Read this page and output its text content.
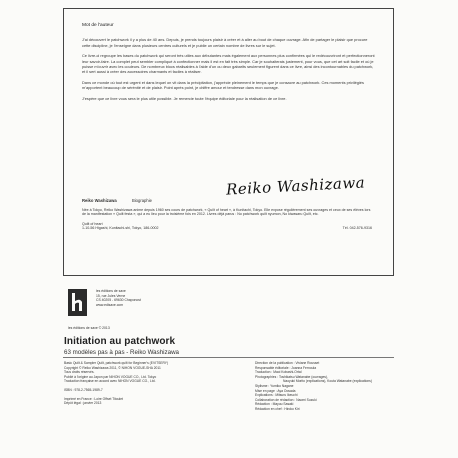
Mot de l'auteur

J'ai découvert le patchwork il y a plus de 40 ans. Depuis, je prends toujours plaisir à créer et à aller au bout de chaque ouvrage. Afin de partager le plaisir que procure cette discipline, je l'enseigne dans plusieurs centres culturels et je publie un certain nombre de livres sur le sujet.

Ce livre-ci regroupe les bases du patchwork qui seront très utiles aux débutantes mais également aux personnes plus confirmées qui le redécouvriront et perfectionneront leur savoir-faire. La complet peut sembler compliqué à confectionner mais il est en fait très simple. Car je souhaiterais justement, pour vous, que cet art soit facile et où je puisse m'ouvrir avec les couleurs. De nombreux blocs réalisables à l'aide d'un ou deux gabarits seulement figurent dans ce livre, ainsi des incontournables du patchwork, et il sert aussi à créer des accessoires charmants et faciles à réaliser.

Dans ce monde où tout est urgent et dans lequel on vit dans la précipitation, j'apprécie pleinement le temps que je consacre au patchwork. Ces moments privilégiés m'apportent beaucoup de sérénité et de plaisir. Point après point, je chiffre amour et tendresse dans mon ouvrage.

J'espère que ce livre vous sera le plus utile possible. Je remercie toute l'équipe éditoriale pour la réalisation de ce livre.

Reiko Washizawa
Reiko Washizawa	Biographie

Née à Tokyo, Reiko Washizawa anime depuis 1960 ses cours de patchwork, « Quilt of heart », à Kunitachi, Tokyo. Elle expose régulièrement ses ouvrages et ceux de ses élèves lors de la manifestation « Quilt festa », qui a eu lieu pour la troisième fois en 2012. Livres déjà parus : No patchwork quilt nyumon, No kiwasaru Quilt, etc.

Quilt of heart

1-10-56 Higashi, Kunitachi-shi, Tokyo, 186-0002	Tél. 042-576-9316
les éditions de saxe
15, rue Jules Verne
CS 40205 - 69630 Chaponost
www.edisaxe.com
les éditions de saxe © 2013
Initiation au patchwork
63 modèles pas à pas - Reiko Washizawa

Basic Quilt & Sampler Quilt, patchwork quilt for Beginner's (EVITSERY)
Copyright © Reiko Washizawa 2011, © NIHON VOGUE-SHA 2011
Tous droits réservés.
Publié à l'origine au Japon par NIHON VOGUE CO., Ltd. Tokyo
Traduction française en accord avec NIHON VOGUE CO., Ltd.

ISBN : 978-2-7565-1989-7

Imprimé en France : Loire Offset Titoulet
Dépôt légal : janvier 2013

Direction de la publication : Viviane Rousset
Responsable éditoriale : Joanna Fernoula
Traduction : Maoi Kobashi-Ortal
Photographies : Toshikatsu Watanabe (ouvrages),
Naoyuki Morito (explications), Kouta Watanabe (explications)
Stylisme : Yumiko Nagane
Mise en page : Aya Oosada
Explications : Mitsuru Ikeuchi
Collaboration de rédaction : Naomi Suzuki
Rédaction : Mayuu Sasaki
Rédaction en chef : Hiroko Kiri
